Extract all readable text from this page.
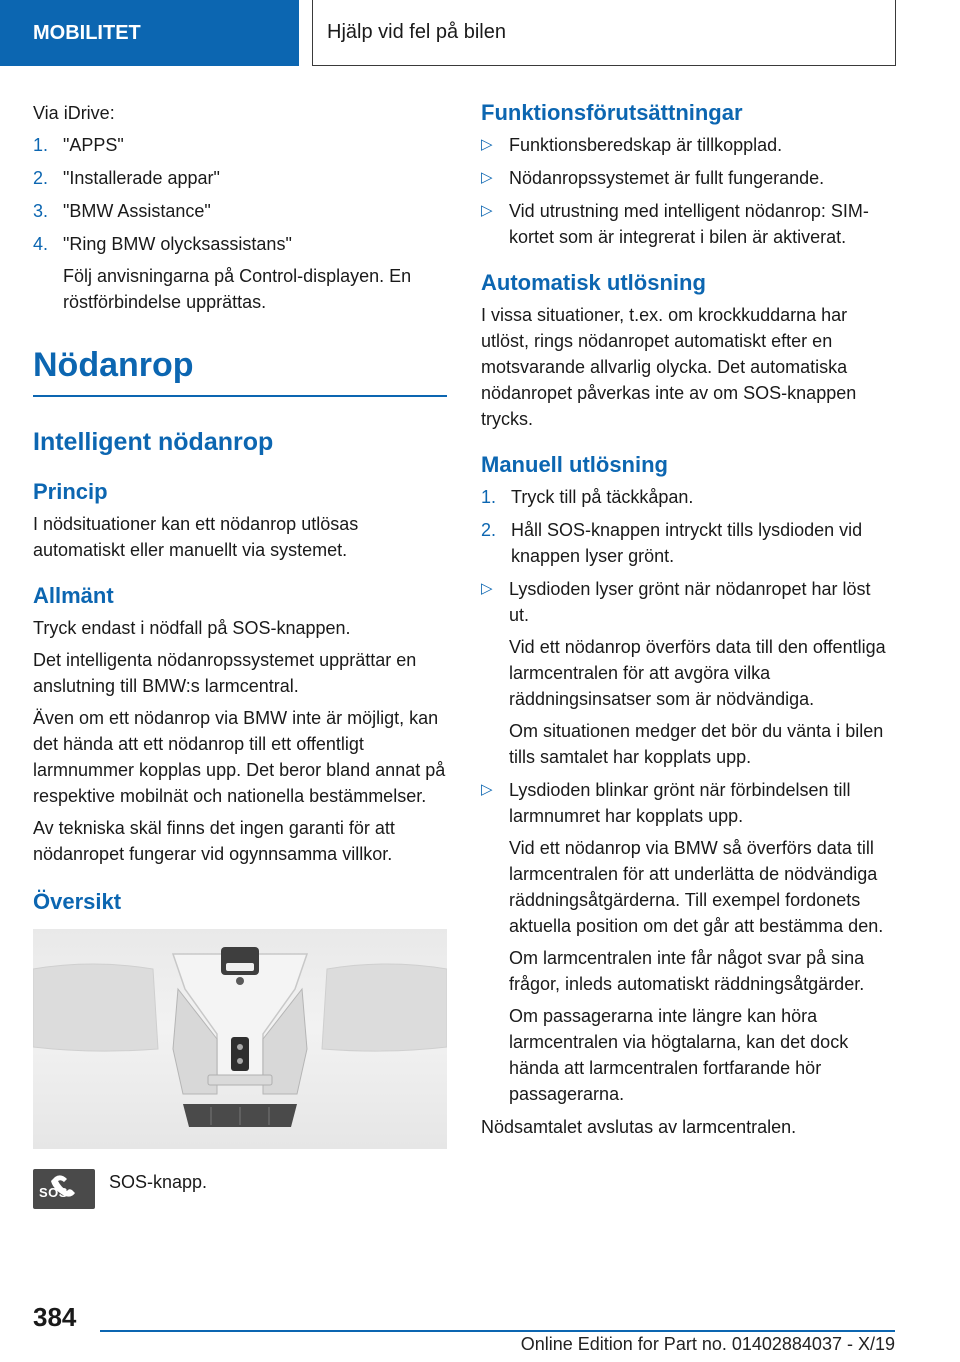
MOBILITET	Hjälp vid fel på bilen

Via iDrive:

1. "APPS"
2. "Installerade appar"
3. "BMW Assistance"
4. "Ring BMW olycksassistans"
Följ anvisningarna på Control-displayen. En röstförbindelse upprättas.
Nödanrop
Intelligent nödanrop
Princip

I nödsituationer kan ett nödanrop utlösas automatiskt eller manuellt via systemet.

Allmänt

Tryck endast i nödfall på SOS-knappen.

Det intelligenta nödanropssystemet upprättar en anslutning till BMW:s larmcentral.

Även om ett nödanrop via BMW inte är möjligt, kan det hända att ett nödanrop till ett offentligt larmnummer kopplas upp. Det beror bland annat på respektive mobilnät och nationella bestämmelser.

Av tekniska skäl finns det ingen garanti för att nödanropet fungerar vid ogynnsamma villkor.

Översikt
SOS
SOS-knapp.
Funktionsförutsättningar
▷ Funktionsberedskap är tillkopplad.
▷ Nödanropssystemet är fullt fungerande.
▷ Vid utrustning med intelligent nödanrop: SIM-kortet som är integrerat i bilen är aktiverat.
Automatisk utlösning

I vissa situationer, t.ex. om krockkuddarna har utlöst, rings nödanropet automatiskt efter en motsvarande allvarlig olycka. Det automatiska nödanropet påverkas inte av om SOS-knappen trycks.

Manuell utlösning
1. Tryck till på täckkåpan.
2. Håll SOS-knappen intryckt tills lysdioden vid knappen lyser grönt.
▷ Lysdioden lyser grönt när nödanropet har löst ut.
Vid ett nödanrop överförs data till den offentliga larmcentralen för att avgöra vilka räddningsinsatser som är nödvändiga.
Om situationen medger det bör du vänta i bilen tills samtalet har kopplats upp.
▷ Lysdioden blinkar grönt när förbindelsen till larmnumret har kopplats upp.
Vid ett nödanrop via BMW så överförs data till larmcentralen för att underlätta de nödvändiga räddningsåtgärderna. Till exempel fordonets aktuella position om det går att bestämma den.
Om larmcentralen inte får något svar på sina frågor, inleds automatiskt räddningsåtgärder.
Om passagerarna inte längre kan höra larmcentralen via högtalarna, kan det dock hända att larmcentralen fortfarande hör passagerarna.

Nödsamtalet avslutas av larmcentralen.

384
Online Edition for Part no. 01402884037 - X/19
